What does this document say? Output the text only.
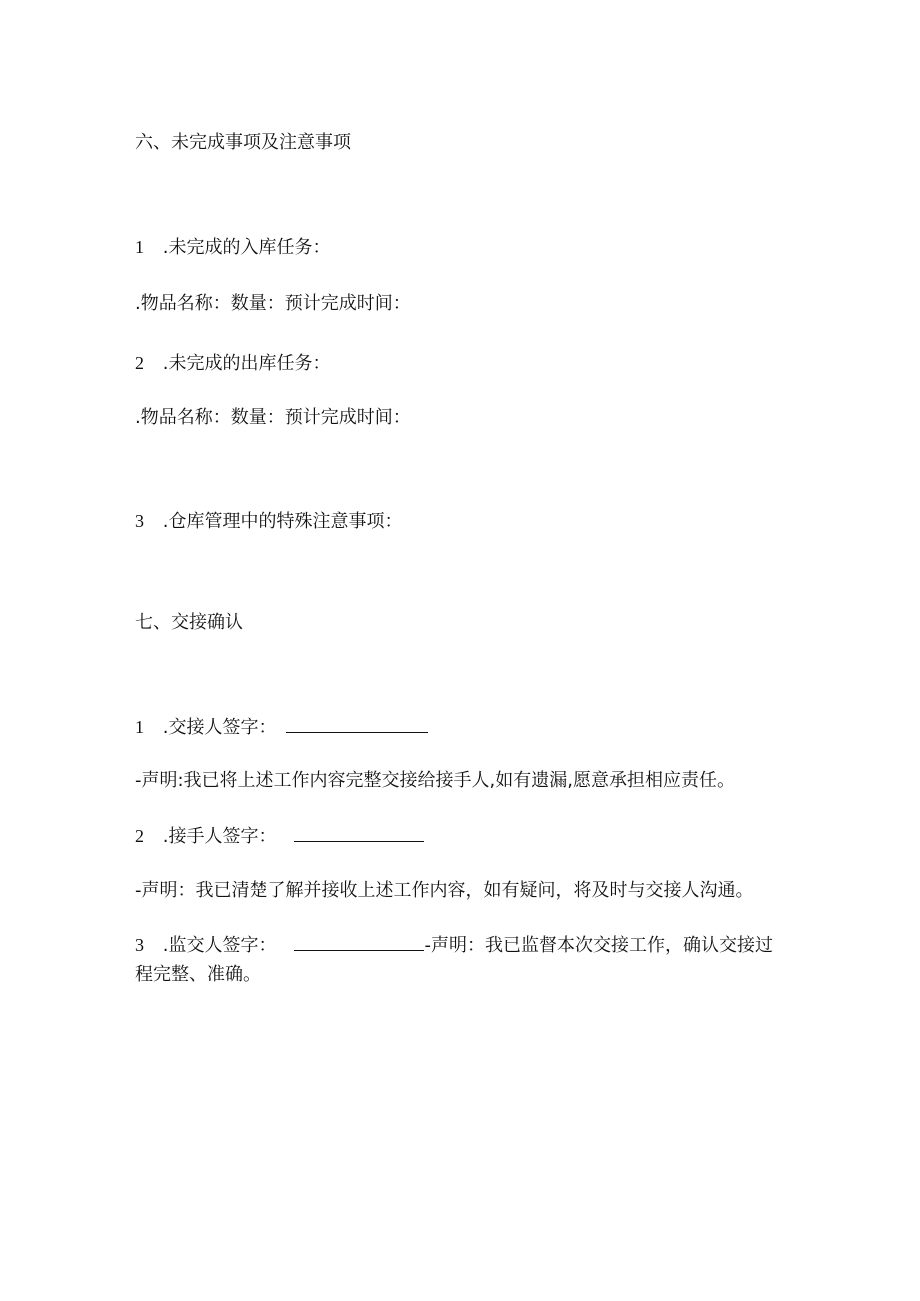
六、未完成事项及注意事项
1 .未完成的入库任务：
.物品名称：数量：预计完成时间：
2 .未完成的出库任务：
.物品名称：数量：预计完成时间：
3 .仓库管理中的特殊注意事项：
七、交接确认
1 .交接人签字：
-声明:我已将上述工作内容完整交接给接手人,如有遗漏,愿意承担相应责任。
2 .接手人签字：
-声明：我已清楚了解并接收上述工作内容，如有疑问，将及时与交接人沟通。
3 .监交人签字：	-声明：我已监督本次交接工作，确认交接过
程完整、准确。
